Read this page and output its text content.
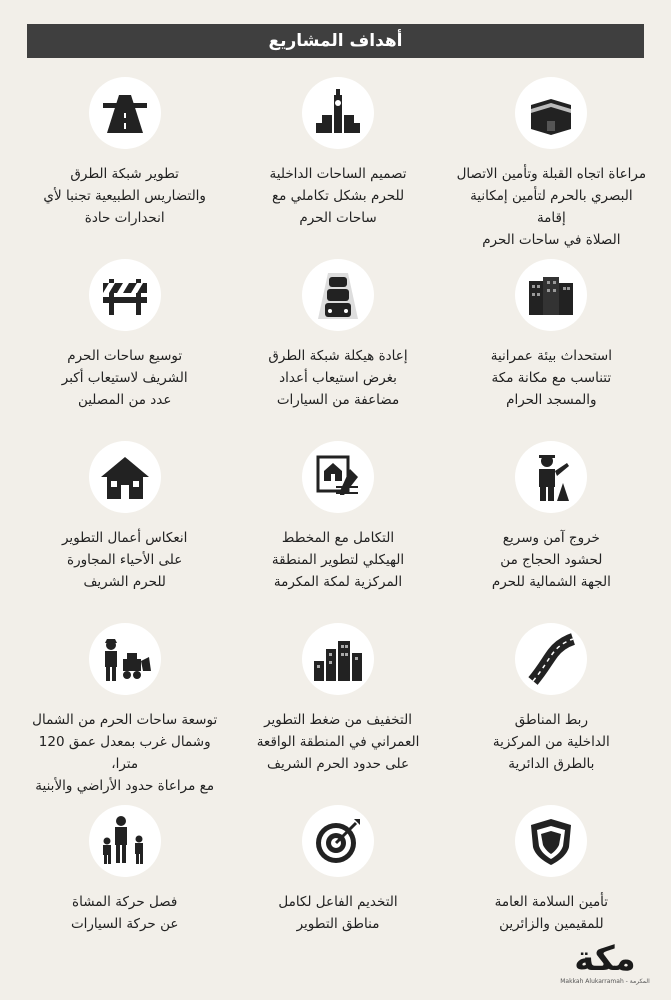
أهداف المشاريع
مراعاة اتجاه القبلة وتأمين الاتصال
البصري بالحرم لتأمين إمكانية إقامة
الصلاة في ساحات الحرم
تصميم الساحات الداخلية
للحرم بشكل تكاملي مع
ساحات الحرم
تطوير شبكة الطرق
والتضاريس الطبيعية تجنبا لأي
انحدارات حادة
استحداث بيئة عمرانية
تتناسب مع مكانة مكة
والمسجد الحرام
إعادة هيكلة شبكة الطرق
بغرض استيعاب أعداد
مضاعفة من السيارات
توسيع ساحات الحرم
الشريف لاستيعاب أكبر
عدد من المصلين
خروج آمن وسريع
لحشود الحجاج من
الجهة الشمالية للحرم
التكامل مع المخطط
الهيكلي لتطوير المنطقة
المركزية لمكة المكرمة
انعكاس أعمال التطوير
على الأحياء المجاورة
للحرم الشريف
ربط المناطق
الداخلية من المركزية
بالطرق الدائرية
التخفيف من ضغط التطوير
العمراني في المنطقة الواقعة
على حدود الحرم الشريف
توسعة ساحات الحرم من الشمال
وشمال غرب بمعدل عمق 120 مترا،
مع مراعاة حدود الأراضي والأبنية
تأمين السلامة العامة
للمقيمين والزائرين
التخديم الفاعل لكامل
مناطق التطوير
فصل حركة المشاة
عن حركة السيارات
مكة
Makkah Alukarramah - المكرمة
